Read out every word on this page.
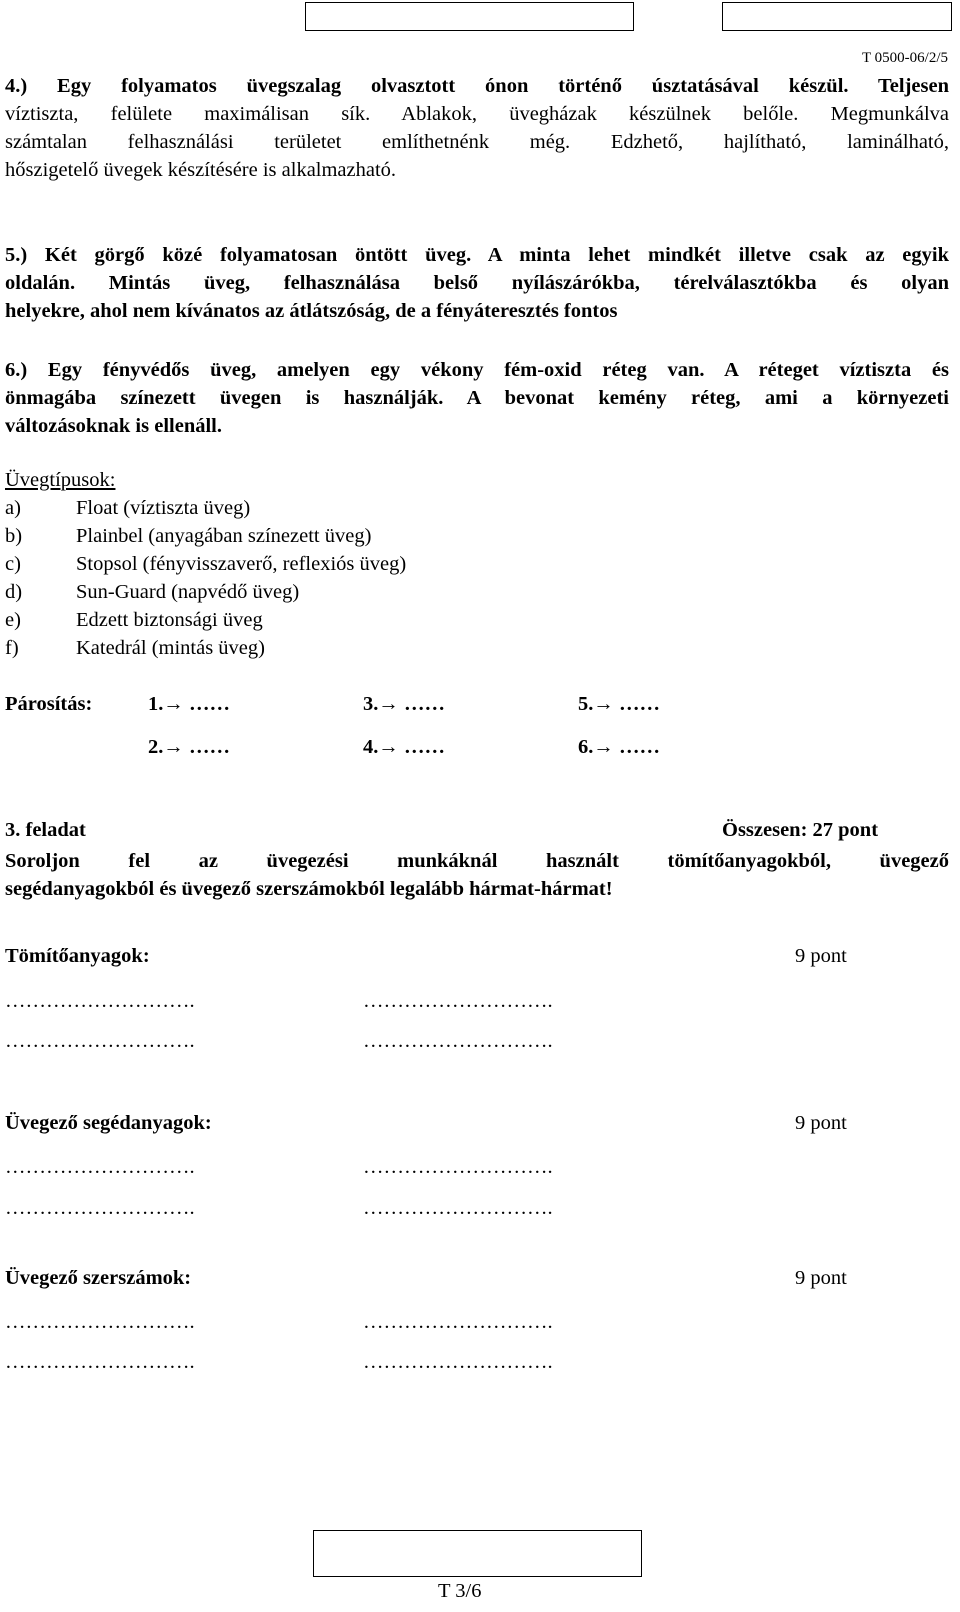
T 0500-06/2/5
4.) Egy folyamatos üvegszalag olvasztott ónon történő úsztatásával készül. Teljesen
víztiszta, felülete maximálisan sík. Ablakok, üvegházak készülnek belőle. Megmunkálva
számtalan felhasználási területet említhetnénk még. Edzhető, hajlítható, laminálható,
hőszigetelő üvegek készítésére is alkalmazható.
5.) Két görgő közé folyamatosan öntött üveg. A minta lehet mindkét illetve csak az egyik
oldalán. Mintás üveg, felhasználása belső nyílászárókba, térelválasztókba és olyan
helyekre, ahol nem kívánatos az átlátszóság, de a fényáteresztés fontos
6.) Egy fényvédős üveg, amelyen egy vékony fém-oxid réteg van. A réteget víztiszta és
önmagába színezett üvegen is használják. A bevonat kemény réteg, ami a környezeti
változásoknak is ellenáll.
Üvegtípusok:
a)	Float (víztiszta üveg)
b)	Plainbel (anyagában színezett üveg)
c)	Stopsol (fényvisszaverő, reflexiós üveg)
d)	Sun-Guard (napvédő üveg)
e)	Edzett biztonsági üveg
f)	Katedrál (mintás üveg)
Párosítás:	1.→ ……	3.→ ……	5.→ ……
2.→ ……	4.→ ……	6.→ ……
3. feladat	Összesen: 27 pont
Soroljon fel az üvegezési munkáknál használt tömítőanyagokból, üvegező
segédanyagokból és üvegező szerszámokból legalább hármat-hármat!
Tömítőanyagok:	9 pont
……………………….	……………………….
……………………….	……………………….
Üvegező segédanyagok:	9 pont
……………………….	……………………….
……………………….	……………………….
Üvegező szerszámok:	9 pont
……………………….	……………………….
……………………….	……………………….
T 3/6
